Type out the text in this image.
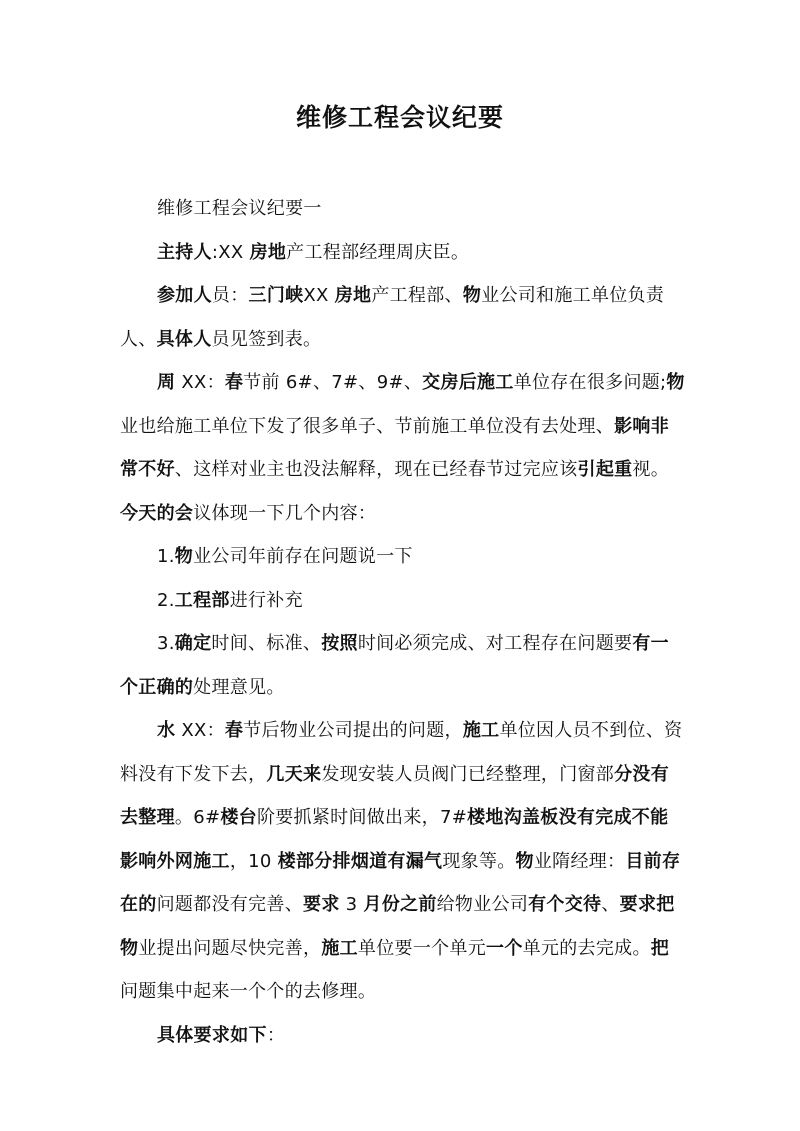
维修工程会议纪要

维修工程会议纪要一

主持人:XX 房地产工程部经理周庆臣。

参加人员：三门峡XX 房地产工程部、物业公司和施工单位负责人、具体人员见签到表。

周 XX：春节前 6#、7#、9#、交房后施工单位存在很多问题;物业也给施工单位下发了很多单子、节前施工单位没有去处理、影响非常不好、这样对业主也没法解释，现在已经春节过完应该引起重视。今天的会议体现一下几个内容：

1.物业公司年前存在问题说一下

2.工程部进行补充

3.确定时间、标准、按照时间必须完成、对工程存在问题要有一个正确的处理意见。

水 XX：春节后物业公司提出的问题，施工单位因人员不到位、资料没有下发下去，几天来发现安装人员阀门已经整理，门窗部分没有去整理。6#楼台阶要抓紧时间做出来，7#楼地沟盖板没有完成不能影响外网施工，10 楼部分排烟道有漏气现象等。物业隋经理：目前存在的问题都没有完善、要求 3 月份之前给物业公司有个交待、要求把物业提出问题尽快完善，施工单位要一个单元一个单元的去完成。把问题集中起来一个个的去修理。

具体要求如下：
